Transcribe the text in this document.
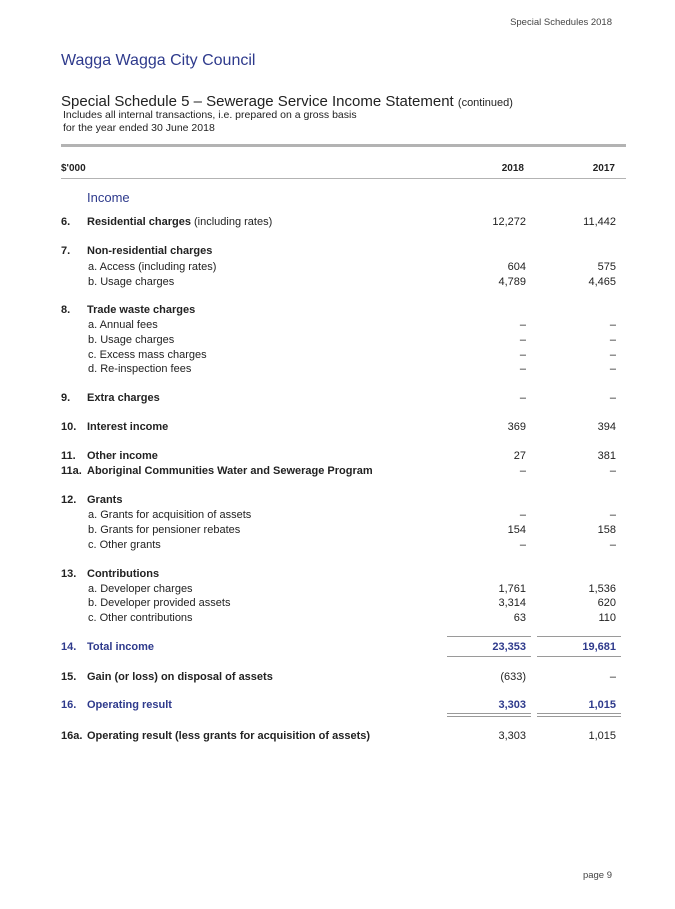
Special Schedules 2018
Wagga Wagga City Council
Special Schedule 5 – Sewerage Service Income Statement (continued)
Includes all internal transactions, i.e. prepared on a gross basis
for the year ended 30 June 2018
$'000	2018	2017
Income
6. Residential charges (including rates)	12,272	11,442
7. Non-residential charges
a. Access (including rates)	604	575
b. Usage charges	4,789	4,465
8. Trade waste charges
a. Annual fees	–	–
b. Usage charges	–	–
c. Excess mass charges	–	–
d. Re-inspection fees	–	–
9. Extra charges	–	–
10. Interest income	369	394
11. Other income	27	381
11a. Aboriginal Communities Water and Sewerage Program	–	–
12. Grants
a. Grants for acquisition of assets	–	–
b. Grants for pensioner rebates	154	158
c. Other grants	–	–
13. Contributions
a. Developer charges	1,761	1,536
b. Developer provided assets	3,314	620
c. Other contributions	63	110
14. Total income	23,353	19,681
15. Gain (or loss) on disposal of assets	(633)	–
16. Operating result	3,303	1,015
16a. Operating result (less grants for acquisition of assets)	3,303	1,015
page 9
